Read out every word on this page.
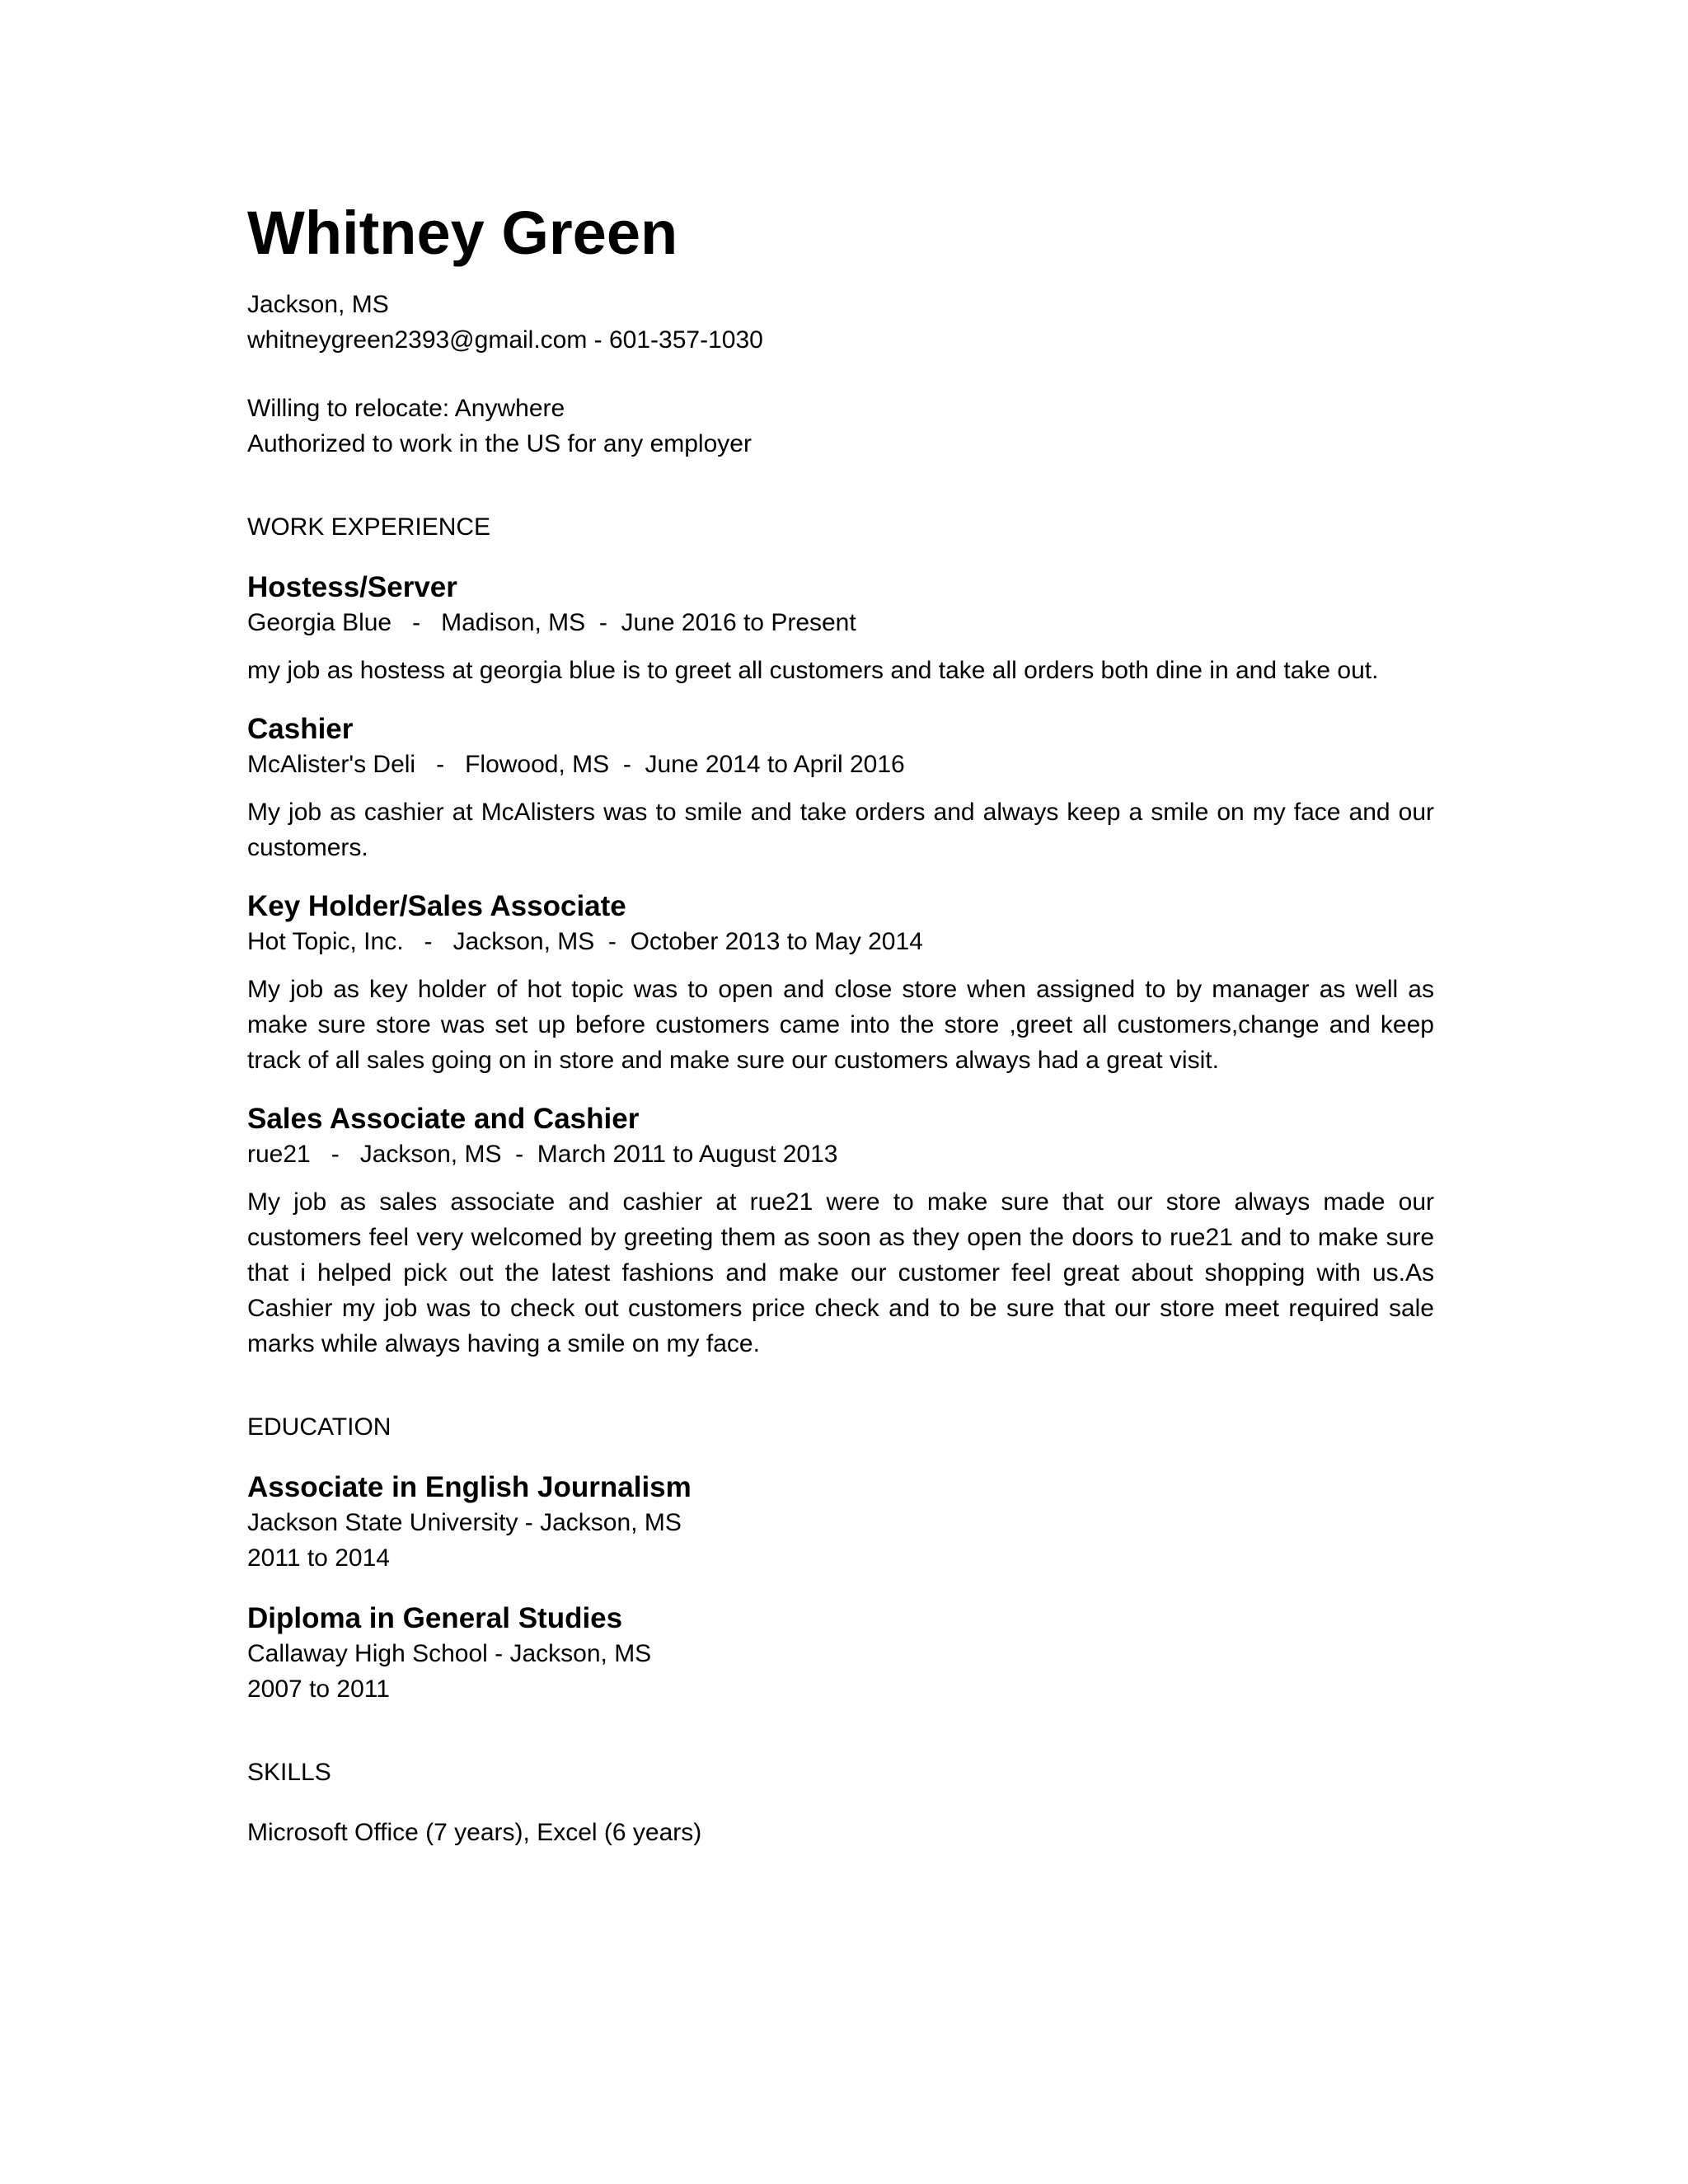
Whitney Green
Jackson, MS
whitneygreen2393@gmail.com - 601-357-1030
Willing to relocate: Anywhere
Authorized to work in the US for any employer
WORK EXPERIENCE
Hostess/Server
Georgia Blue   -   Madison, MS  -  June 2016 to Present
my job as hostess at georgia blue is to greet all customers and take all orders both dine in and take out.
Cashier
McAlister's Deli   -   Flowood, MS  -  June 2014 to April 2016
My job as cashier at McAlisters was to smile and take orders and always keep a smile on my face and our customers.
Key Holder/Sales Associate
Hot Topic, Inc.   -   Jackson, MS  -  October 2013 to May 2014
My job as key holder of hot topic was to open and close store when assigned to by manager as well as make sure store was set up before customers came into the store ,greet all customers,change and keep track of all sales going on in store and make sure our customers always had a great visit.
Sales Associate and Cashier
rue21   -   Jackson, MS  -  March 2011 to August 2013
My job as sales associate and cashier at rue21 were to make sure that our store always made our customers feel very welcomed by greeting them as soon as they open the doors to rue21 and to make sure that i helped pick out the latest fashions and make our customer feel great about shopping with us.As Cashier my job was to check out customers price check and to be sure that our store meet required sale marks while always having a smile on my face.
EDUCATION
Associate in English Journalism
Jackson State University - Jackson, MS
2011 to 2014
Diploma in General Studies
Callaway High School - Jackson, MS
2007 to 2011
SKILLS
Microsoft Office (7 years), Excel (6 years)
